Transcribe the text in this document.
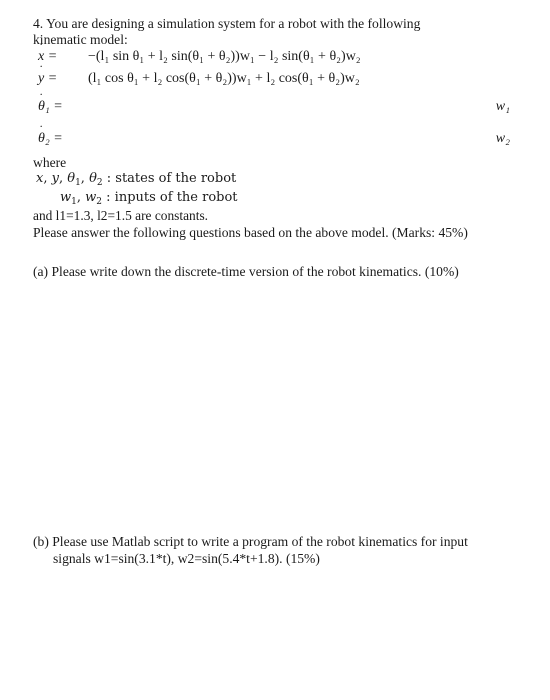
4. You are designing a simulation system for a robot with the following
kinematic model:
˙ x = −(l₁ sin θ₁ + l₂ sin(θ₁ + θ₂))w₁ − l₂ sin(θ₁ + θ₂)w₂
˙ y = (l₁ cos θ₁ + l₂ cos(θ₁ + θ₂))w₁ + l₂ cos(θ₁ + θ₂)w₂
˙ θ₁ =	w₁
˙ θ₂ =	w₂
where
x, y, $\theta_1$, $\theta_2$ : states of the robot
$w_1$, $w_2$ : inputs of the robot
and l1=1.3, l2=1.5 are constants.
Please answer the following questions based on the above model. (Marks: 45%)
(a) Please write down the discrete-time version of the robot kinematics. (10%)
(b) Please use Matlab script to write a program of the robot kinematics for input
signals w1=sin(3.1*t), w2=sin(5.4*t+1.8). (15%)
